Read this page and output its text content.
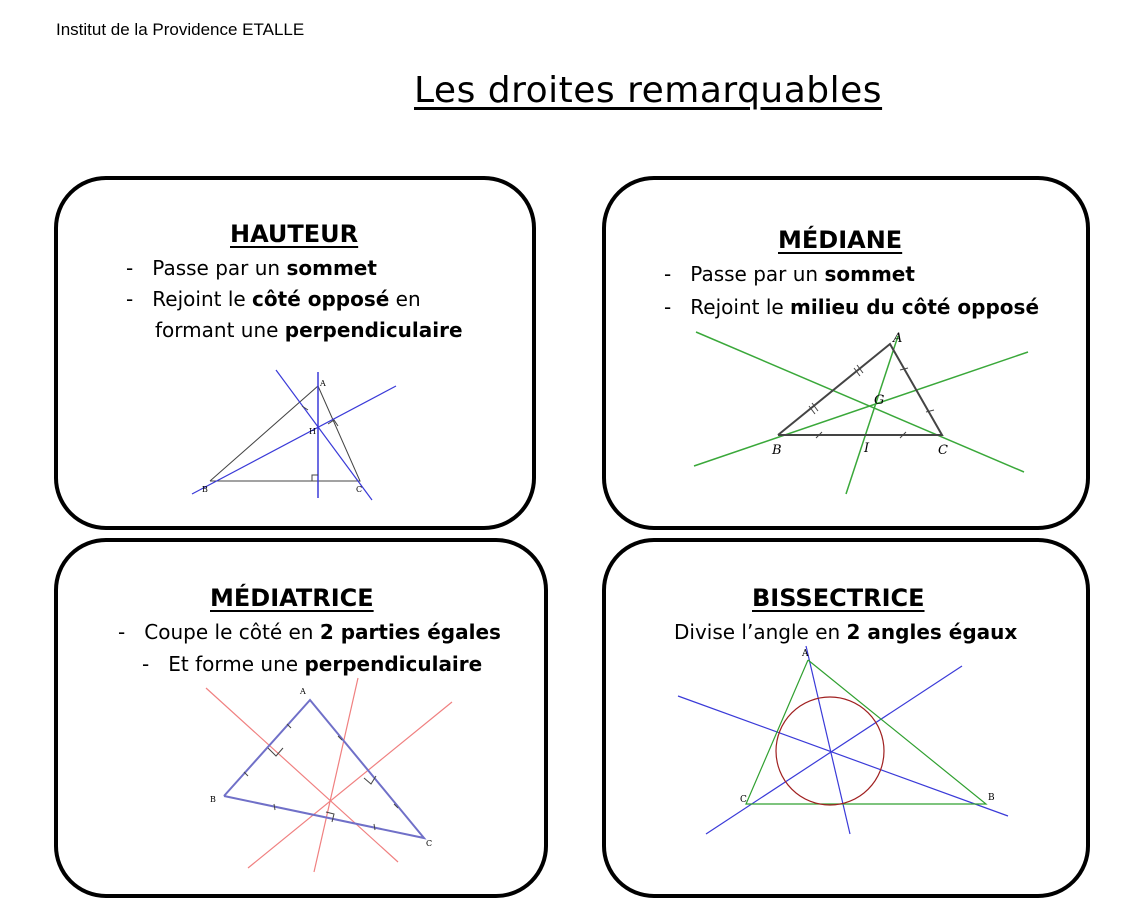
Institut de la Providence ETALLE
Les droites remarquables
HAUTEUR
- Passe par un sommet
- Rejoint le côté opposé en
formant une perpendiculaire
A
B	C
H
MÉDIANE
- Passe par un sommet
- Rejoint le milieu du côté opposé
A
B	C
G
I
MÉDIATRICE
- Coupe le côté en 2 parties égales
- Et forme une perpendiculaire
A
B
C
BISSECTRICE
Divise l’angle en 2 angles égaux
A
B
C
